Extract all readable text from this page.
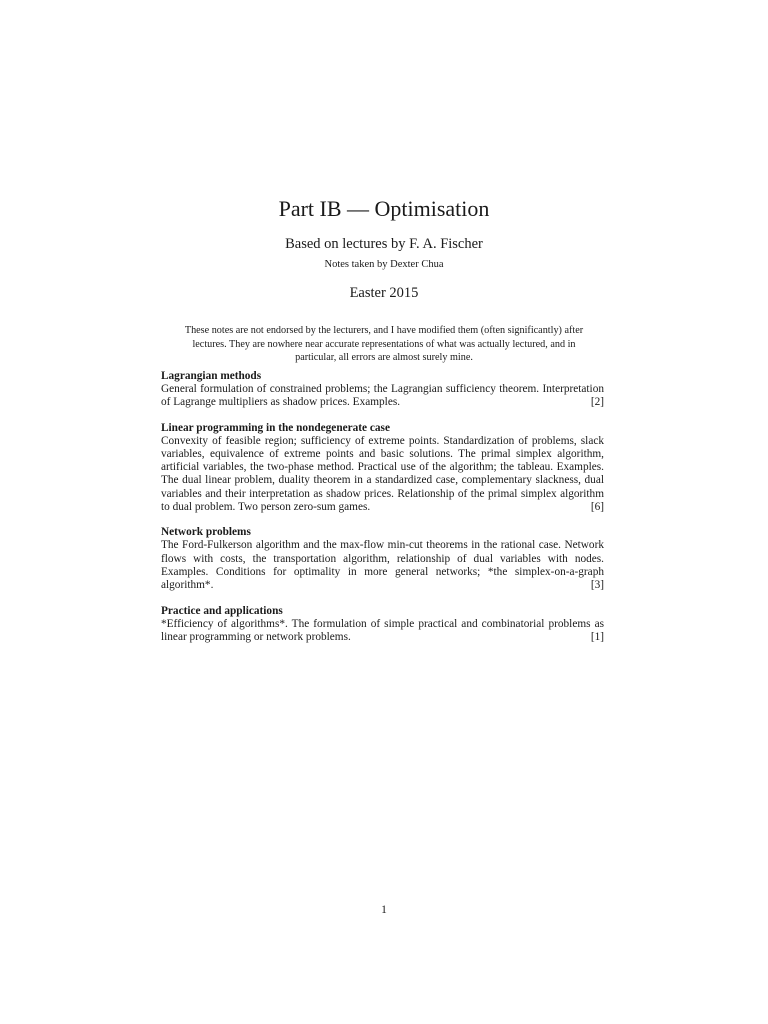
Part IB — Optimisation
Based on lectures by F. A. Fischer
Notes taken by Dexter Chua
Easter 2015
These notes are not endorsed by the lecturers, and I have modified them (often significantly) after lectures. They are nowhere near accurate representations of what was actually lectured, and in particular, all errors are almost surely mine.
Lagrangian methods

General formulation of constrained problems; the Lagrangian sufficiency theorem. Interpretation of Lagrange multipliers as shadow prices. Examples.	[2]

Linear programming in the nondegenerate case

Convexity of feasible region; sufficiency of extreme points. Standardization of problems, slack variables, equivalence of extreme points and basic solutions. The primal simplex algorithm, artificial variables, the two-phase method. Practical use of the algorithm; the tableau. Examples. The dual linear problem, duality theorem in a standardized case, complementary slackness, dual variables and their interpretation as shadow prices. Relationship of the primal simplex algorithm to dual problem. Two person zero-sum games.	[6]

Network problems

The Ford-Fulkerson algorithm and the max-flow min-cut theorems in the rational case. Network flows with costs, the transportation algorithm, relationship of dual variables with nodes. Examples. Conditions for optimality in more general networks; *the simplex-on-a-graph algorithm*.	[3]

Practice and applications

*Efficiency of algorithms*. The formulation of simple practical and combinatorial problems as linear programming or network problems.	[1]

1
